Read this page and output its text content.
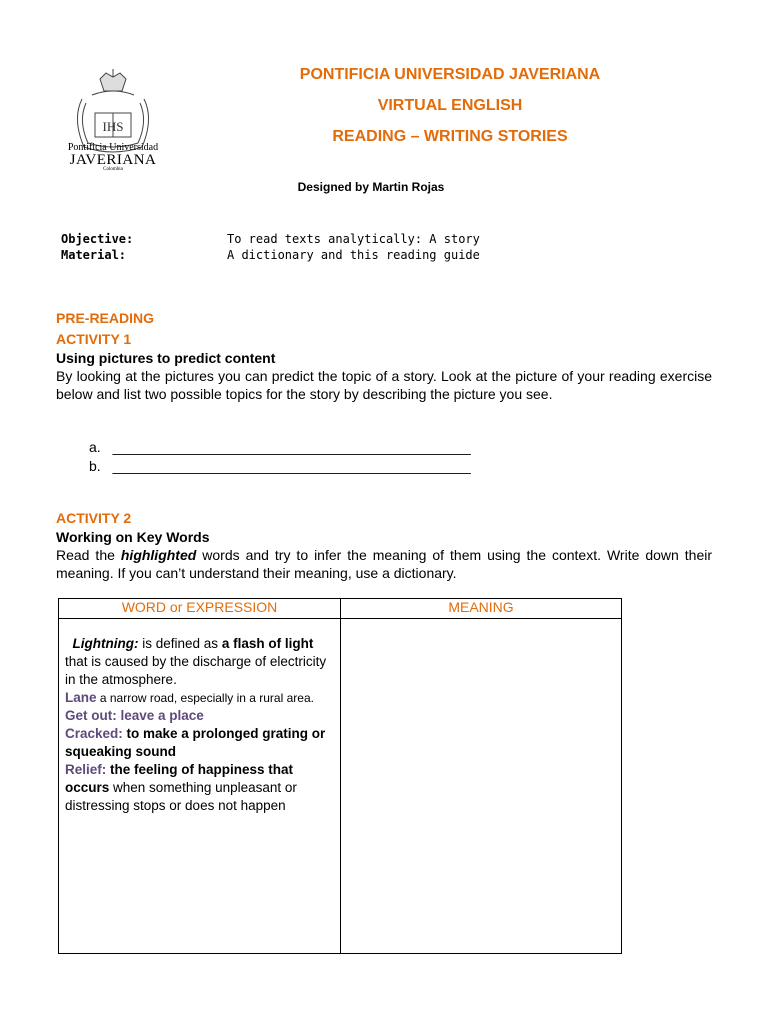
IHS
Pontificia Universidad
JAVERIANA
Colombia
PONTIFICIA UNIVERSIDAD JAVERIANA
VIRTUAL ENGLISH
READING – WRITING STORIES
Designed by Martin Rojas
Objective:	To read texts analytically: A story
Material:	A dictionary and this reading guide
PRE-READING
ACTIVITY 1
Using pictures to predict content
By looking at the pictures you can predict the topic of a story. Look at the picture of your reading exercise below and list two possible topics for the story by describing the picture you see.
a. ______________________________________________
b. ______________________________________________
ACTIVITY 2
Working on Key Words
Read the highlighted words and try to infer the meaning of them using the context. Write down their meaning. If you can’t understand their meaning, use a dictionary.
WORD or EXPRESSION	MEANING

Lightning: is defined as a flash of light that is caused by the discharge of electricity in the atmosphere.
Lane a narrow road, especially in a rural area.
Get out: leave a place
Cracked: to make a prolonged grating or squeaking sound
Relief: the feeling of happiness that occurs when something unpleasant or distressing stops or does not happen	
